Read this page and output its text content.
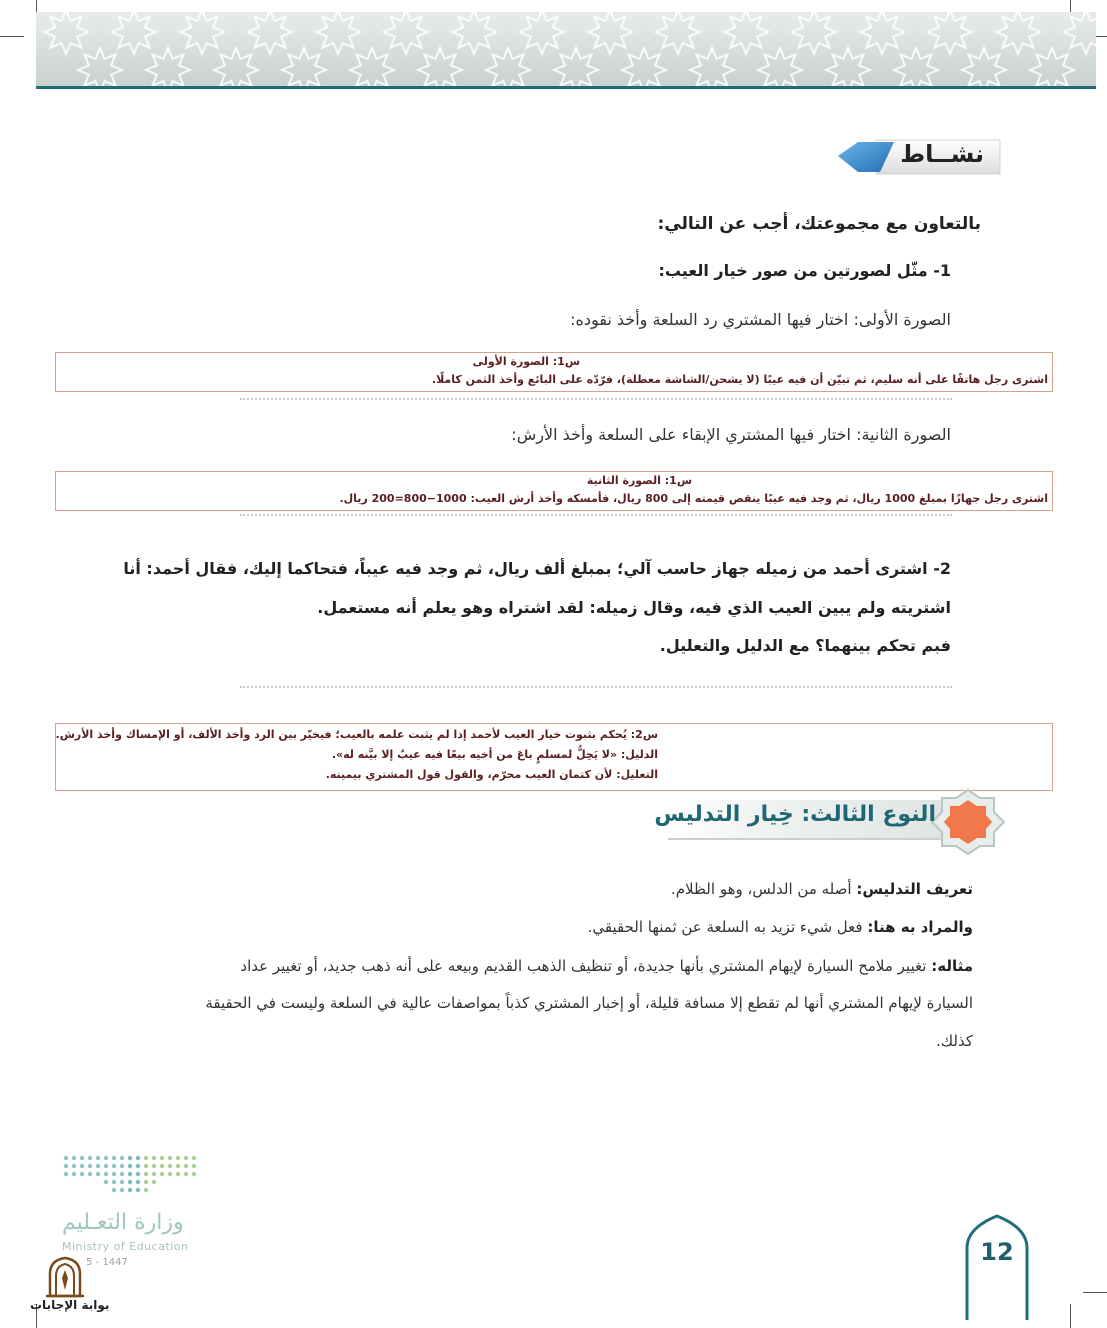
نشــاط
بالتعاون مع مجموعتك، أجب عن التالي:
1- مثّل لصورتين من صور خيار العيب:
الصورة الأولى: اختار فيها المشتري رد السلعة وأخذ نقوده:
س1: الصورة الأولى
اشترى رجل هاتفًا على أنه سليم، ثم تبيّن أن فيه عيبًا (لا يشحن/الشاشة معطلة)، فرّدّه على البائع وأخذ الثمن كاملًا.
الصورة الثانية: اختار فيها المشتري الإبقاء على السلعة وأخذ الأرش:
س1: الصورة الثانية
اشترى رجل جهازًا بمبلغ 1000 ريال، ثم وجد فيه عيبًا ينقص قيمته إلى 800 ريال، فأمسكه وأخذ أرش العيب: 1000−800=200 ريال.
2- اشترى أحمد من زميله جهاز حاسب آلي؛ بمبلغ ألف ريال، ثم وجد فيه عيباً، فتحاكما إليك، فقال أحمد: أنا
اشتريته ولم يبين العيب الذي فيه، وقال زميله: لقد اشتراه وهو يعلم أنه مستعمل.
فبم تحكم بينهما؟ مع الدليل والتعليل.
س2: يُحكم بثبوت خيار العيب لأحمد إذا لم يثبت علمه بالعيب؛ فيخيّر بين الرد وأخذ الألف، أو الإمساك وأخذ الأرش.
الدليل: «لا يَحِلُّ لمسلمٍ باعَ من أخيه بيعًا فيه عيبٌ إلا بيَّنه له».
التعليل: لأن كتمان العيب محرّم، والقول قول المشتري بيمينه.
النوع الثالث: خِيار التدليس
تعريف التدليس: أصله من الدلس، وهو الظلام.
والمراد به هنا: فعل شيء تزيد به السلعة عن ثمنها الحقيقي.
مثاله: تغيير ملامح السيارة لإيهام المشتري بأنها جديدة، أو تنظيف الذهب القديم وبيعه على أنه ذهب جديد، أو تغيير عداد
السيارة لإيهام المشتري أنها لم تقطع إلا مسافة قليلة، أو إخبار المشتري كذباً بمواصفات عالية في السلعة وليست في الحقيقة
كذلك.
وزارة التعـليم
Ministry of Education
5 - 1447
بوابة الإجابات
12
